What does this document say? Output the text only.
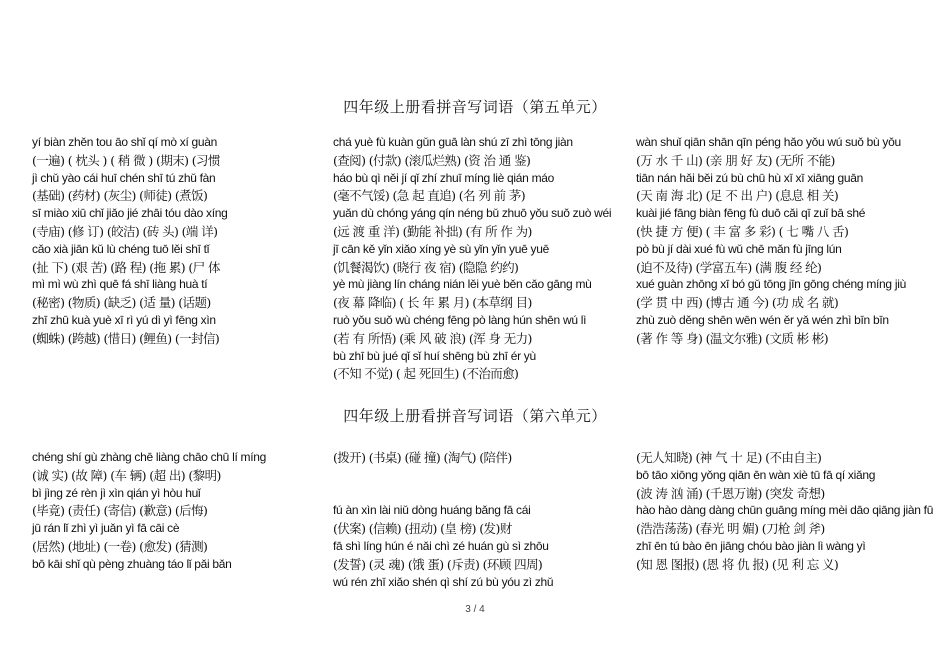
四年级上册看拼音写词语（第五单元）
yí biàn zhěn tou āo shǐ qí mò xí guàn
(一遍) ( 枕头 ) ( 稍 微 ) (期末) (习惯
jì chǔ yào cái huī chén shī tú zhǔ fàn
(基础) (药材) (灰尘) (师徒) (煮饭)
sī miào xiū chǐ jiǎo jié zhāi tóu dào xíng
(寺庙) (修 订) (皎洁) (砖 头) (端 详)
cǎo xià jiān kǔ lù chéng tuō lěi shī tǐ
(扯 下) (艰 苦) (路 程) (拖 累) (尸 体
mì mì wù zhì quē fá shī liàng huà tí
(秘密) (物质) (缺乏) (适 量) (话题)
zhī zhū kuà yuè xī rì yú dì yì fēng xìn
(蜘蛛) (跨越) (惜日) (鲤鱼) (一封信)
chá yuè fù kuàn gǔn guā làn shú zī zhì tōng jiàn
(查阅) (付款) (滚瓜烂熟) (资 治 通 鉴)
háo bù qì něi jí qǐ zhí zhuī míng liè qián máo
(毫不气馁) (急 起 直追) (名 列 前 茅)
yuǎn dù chóng yáng qín néng bǔ zhuō yǒu suǒ zuò wéi
(远 渡 重 洋) (勤能 补拙) (有 所 作 为)
jī cān kě yǐn xiǎo xíng yè sù yǐn yǐn yuē yuē
(饥餐渴饮) (晓行 夜 宿) (隐隐 约约)
yè mù jiàng lín cháng nián lěi yuè běn cǎo gāng mù
(夜 幕 降临) ( 长 年 累 月) (本草纲 目)
ruò yǒu suǒ wù chéng fēng pò làng hún shēn wú lì
(若 有 所悟) (乘 风 破 浪) (浑 身 无力)
bù zhī bù jué qǐ sǐ huí shēng bù zhī ér yù
(不知 不觉) ( 起 死回生) (不治而愈)
wàn shuǐ qiān shān qīn péng hǎo yǒu wú suǒ bù yǒu
(万 水 千 山) (亲 朋 好 友) (无所 不能)
tiān nán hǎi běi zú bù chū hù xī xī xiāng guān
(天 南 海 北) (足 不 出 户) (息息 相 关)
kuài jié fāng biàn fēng fù duō cǎi qī zuǐ bā shé
(快 捷 方 便) ( 丰 富 多 彩) ( 七 嘴 八 舌)
pò bù jí dài xué fù wǔ chē mǎn fù jīng lún
(迫不及待) (学富五车) (满 腹 经 纶)
xué guàn zhōng xī bó gǔ tōng jīn gōng chéng míng jiù
(学 贯 中 西) (博古 通 今) (功 成 名 就)
zhù zuò děng shēn wēn wén ěr yǎ wén zhì bīn bīn
(著 作 等 身) (温文尔雅) (文质 彬 彬)
四年级上册看拼音写词语（第六单元）
chéng shí gù zhàng chē liàng chāo chū lí míng
(诚 实) (故 障) (车 辆) (超 出) (黎明)
bì jìng zé rèn jì xìn qián yì hòu huǐ
(毕竟) (责任) (寄信) (歉意) (后悔)
jū rán lǐ zhì yì juǎn yì fā cāi cè
(居然) (地址) (一卷) (愈发) (猜测)
bō kāi shǐ qù pèng zhuàng táo lǐ pǎi bǎn
(拨开) (书桌) (碰 撞) (淘气) (陪伴)
fú àn xìn lài niǔ dòng huáng bǎng fā cái
(伏案) (信赖) (扭动) (皇 榜) (发)财
fā shì líng hún é nǎi chì zé huán gù sì zhōu
(发誓) (灵 魂) (饿 蛋) (斥责) (环顾 四周)
wú rén zhī xiǎo shén qì shí zú bù yóu zì zhǔ
(无人知晓) (神 气 十 足) (不由自主)
bō tāo xiōng yǒng qiān ēn wàn xiè tū fā qí xiǎng
(波 涛 汹 涌) (千恩万谢) (突发 奇想)
hào hào dàng dàng chūn guāng míng mèi dāo qiāng jiàn fū
(浩浩荡荡) (春光 明 媚) (刀枪 剑 斧)
zhī ēn tú bào ēn jiāng chóu bào jiàn lì wàng yì
(知 恩 图报) (恩 将 仇 报) (见 利 忘 义)
3 / 4
